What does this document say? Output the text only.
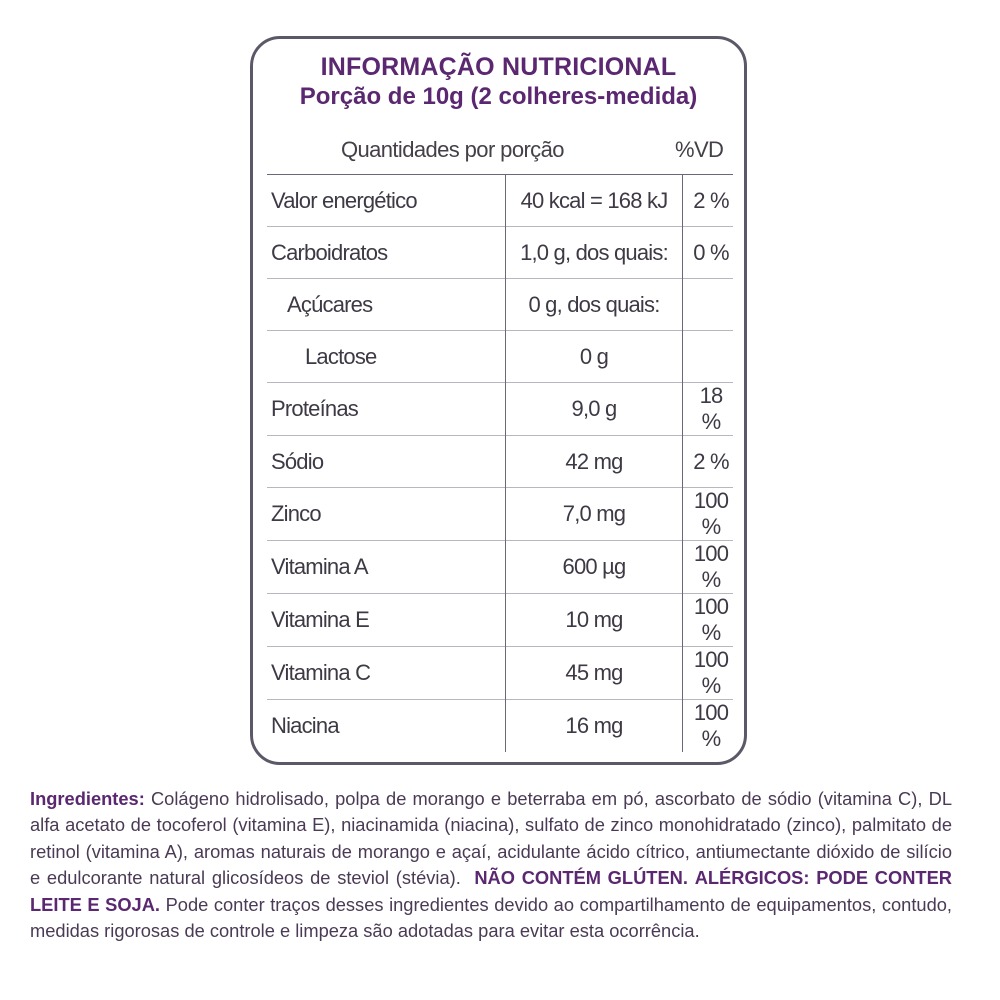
INFORMAÇÃO NUTRICIONAL
Porção de 10g (2 colheres-medida)
Quantidades por porção	%VD
Valor energético	40 kcal = 168 kJ	2 %
Carboidratos	1,0 g, dos quais:	0 %
Açúcares	0 g, dos quais:	
Lactose	0 g	
Proteínas	9,0 g	18 %
Sódio	42 mg	2 %
Zinco	7,0 mg	100 %
Vitamina A	600 µg	100 %
Vitamina E	10 mg	100 %
Vitamina C	45 mg	100 %
Niacina	16 mg	100 %
Ingredientes: Colágeno hidrolisado, polpa de morango e beterraba em pó, ascorbato de sódio (vitamina C), DL alfa acetato de tocoferol (vitamina E), niacinamida (niacina), sulfato de zinco monohidratado (zinco), palmitato de retinol (vitamina A), aromas naturais de morango e açaí, acidulante ácido cítrico, antiumectante dióxido de silício e edulcorante natural glicosídeos de steviol (stévia). NÃO CONTÉM GLÚTEN. ALÉRGICOS: PODE CONTER LEITE E SOJA. Pode conter traços desses ingredientes devido ao compartilhamento de equipamentos, contudo, medidas rigorosas de controle e limpeza são adotadas para evitar esta ocorrência.
